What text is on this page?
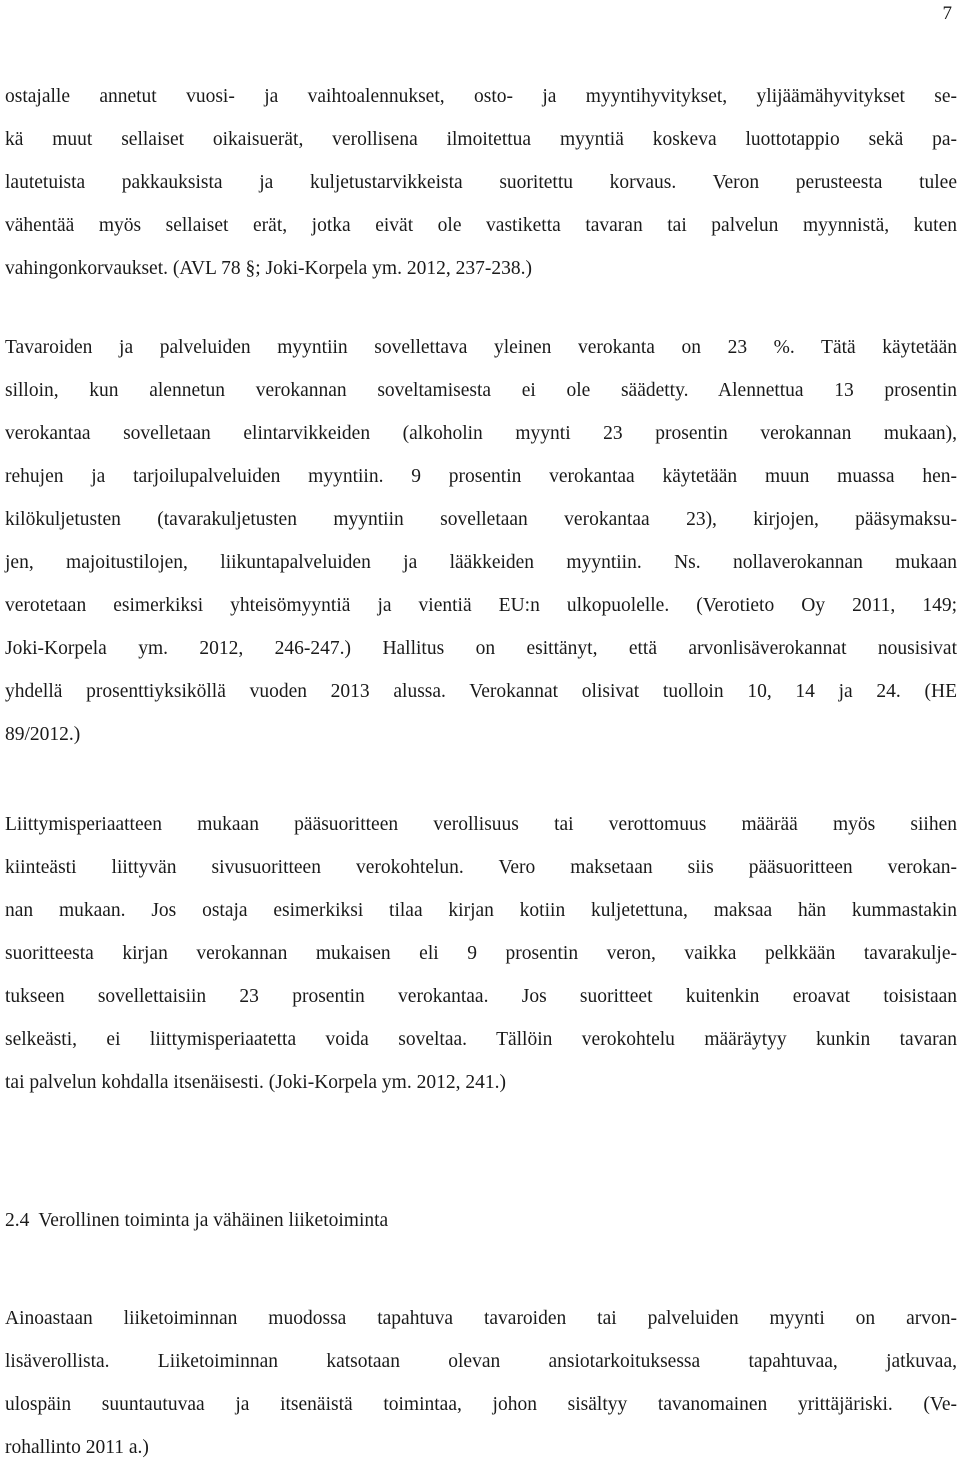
7
ostajalle annetut vuosi- ja vaihtoalennukset, osto- ja myyntihyvitykset, ylijäämähyvitykset se-
kä muut sellaiset oikaisuerät, verollisena ilmoitettua myyntiä koskeva luottotappio sekä pa-
lautetuista pakkauksista ja kuljetustarvikkeista suoritettu korvaus. Veron perusteesta tulee
vähentää myös sellaiset erät, jotka eivät ole vastiketta tavaran tai palvelun myynnistä, kuten
vahingonkorvaukset. (AVL 78 §; Joki-Korpela ym. 2012, 237-238.)
Tavaroiden ja palveluiden myyntiin sovellettava yleinen verokanta on 23 %. Tätä käytetään
silloin, kun alennetun verokannan soveltamisesta ei ole säädetty. Alennettua 13 prosentin
verokantaa sovelletaan elintarvikkeiden (alkoholin myynti 23 prosentin verokannan mukaan),
rehujen ja tarjoilupalveluiden myyntiin. 9 prosentin verokantaa käytetään muun muassa hen-
kilökuljetusten (tavarakuljetusten myyntiin sovelletaan verokantaa 23), kirjojen, pääsymaksu-
jen, majoitustilojen, liikuntapalveluiden ja lääkkeiden myyntiin. Ns. nollaverokannan mukaan
verotetaan esimerkiksi yhteisömyyntiä ja vientiä EU:n ulkopuolelle. (Verotieto Oy 2011, 149;
Joki-Korpela ym. 2012, 246-247.) Hallitus on esittänyt, että arvonlisäverokannat nousisivat
yhdellä prosenttiyksiköllä vuoden 2013 alussa. Verokannat olisivat tuolloin 10, 14 ja 24. (HE
89/2012.)
Liittymisperiaatteen mukaan pääsuoritteen verollisuus tai verottomuus määrää myös siihen
kiinteästi liittyvän sivusuoritteen verokohtelun. Vero maksetaan siis pääsuoritteen verokan-
nan mukaan. Jos ostaja esimerkiksi tilaa kirjan kotiin kuljetettuna, maksaa hän kummastakin
suoritteesta kirjan verokannan mukaisen eli 9 prosentin veron, vaikka pelkkään tavarakulje-
tukseen sovellettaisiin 23 prosentin verokantaa. Jos suoritteet kuitenkin eroavat toisistaan
selkeästi, ei liittymisperiaatetta voida soveltaa. Tällöin verokohtelu määräytyy kunkin tavaran
tai palvelun kohdalla itsenäisesti. (Joki-Korpela ym. 2012, 241.)
2.4 Verollinen toiminta ja vähäinen liiketoiminta
Ainoastaan liiketoiminnan muodossa tapahtuva tavaroiden tai palveluiden myynti on arvon-
lisäverollista. Liiketoiminnan katsotaan olevan ansiotarkoituksessa tapahtuvaa, jatkuvaa,
ulospäin suuntautuvaa ja itsenäistä toimintaa, johon sisältyy tavanomainen yrittäjäriski. (Ve-
rohallinto 2011 a.)
